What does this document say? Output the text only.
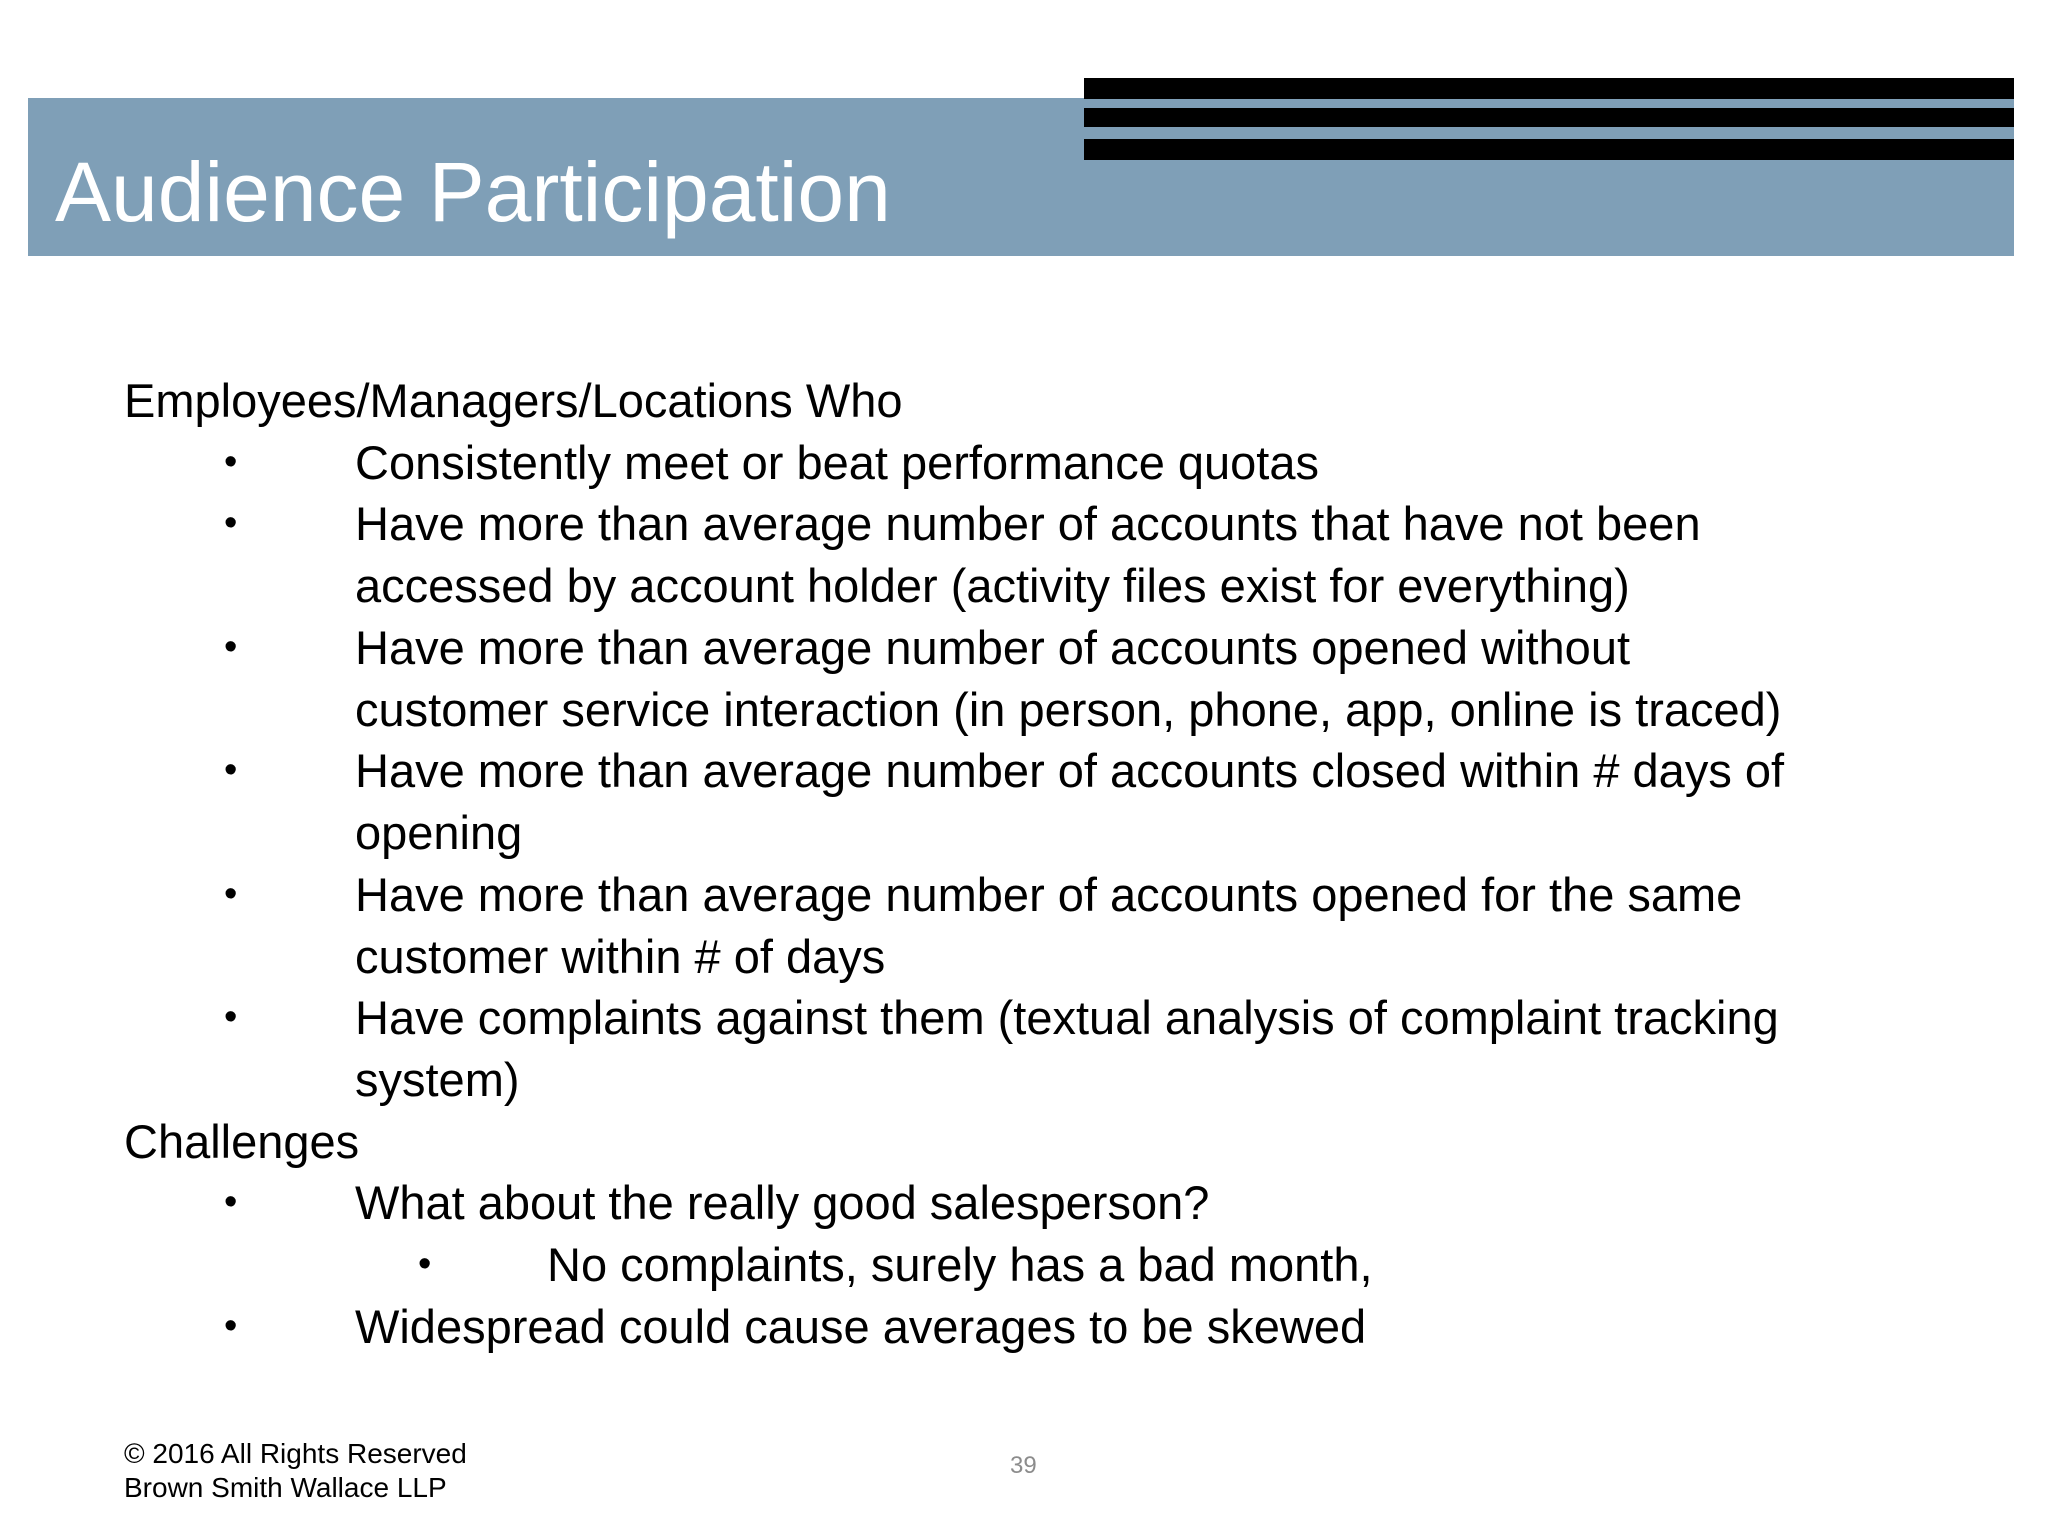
Audience Participation
Employees/Managers/Locations Who
•	Consistently meet or beat performance quotas
•	Have more than average number of accounts that have not been
accessed by account holder (activity files exist for everything)
•	Have more than average number of accounts opened without
customer service interaction (in person, phone, app, online is traced)
•	Have more than average number of accounts closed within # days of
opening
•	Have more than average number of accounts opened for the same
customer within # of days
•	Have complaints against them (textual analysis of complaint tracking
system)
Challenges
•	What about the really good salesperson?
• No complaints, surely has a bad month,
•	Widespread could cause averages to be skewed
© 2016 All Rights Reserved
Brown Smith Wallace LLP
39
